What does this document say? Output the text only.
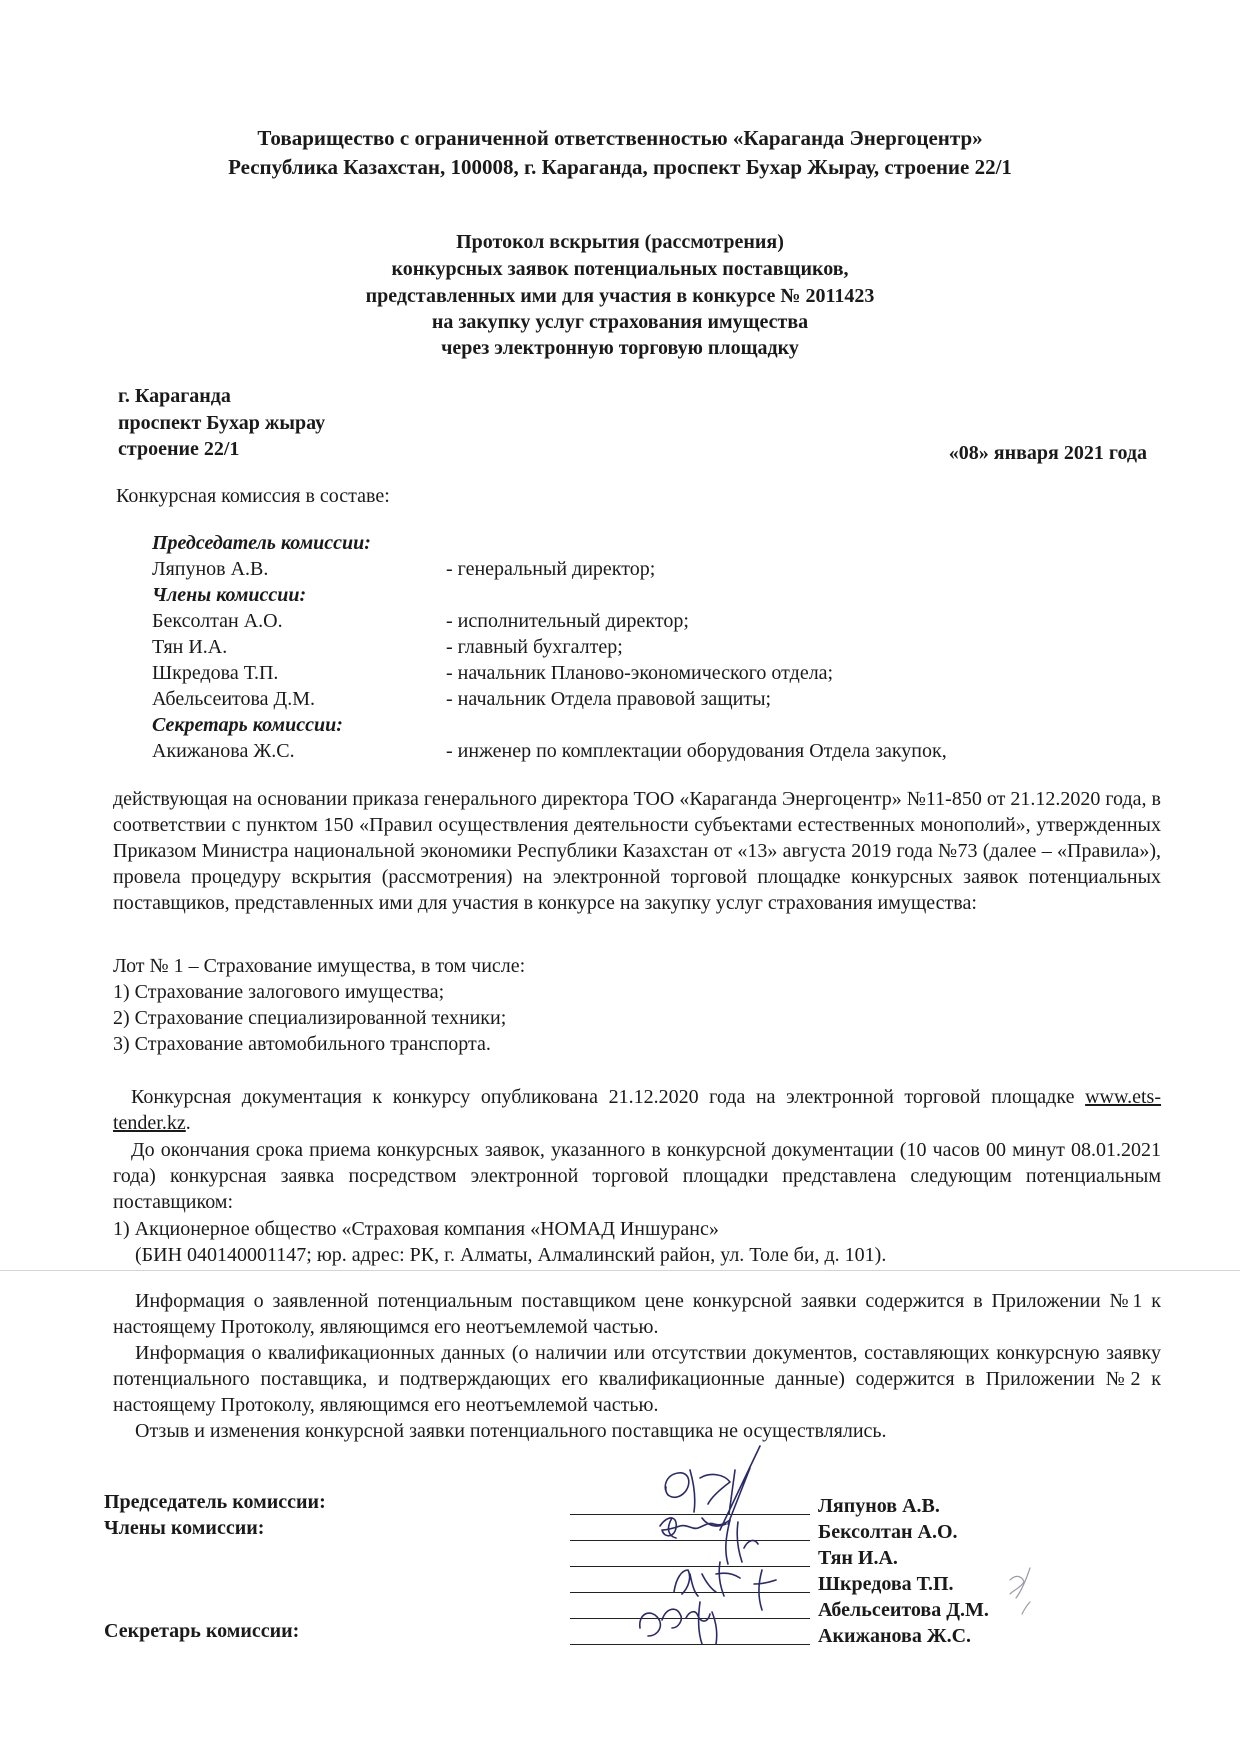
Товарищество с ограниченной ответственностью «Караганда Энергоцентр»
Республика Казахстан, 100008, г. Караганда, проспект Бухар Жырау, строение 22/1
Протокол вскрытия (рассмотрения)
конкурсных заявок потенциальных поставщиков,
представленных ими для участия в конкурсе № 2011423
на закупку услуг страхования имущества
через электронную торговую площадку
г. Караганда
проспект Бухар жырау
строение 22/1	«08» января 2021 года
Конкурсная комиссия в составе:
Председатель комиссии:
Ляпунов А.В.	- генеральный директор;
Члены комиссии:
Бексолтан А.О.	- исполнительный директор;
Тян И.А.	- главный бухгалтер;
Шкредова Т.П.	- начальник Планово-экономического отдела;
Абельсеитова Д.М.	- начальник Отдела правовой защиты;
Секретарь комиссии:
Акижанова Ж.С.	- инженер по комплектации оборудования Отдела закупок,
действующая на основании приказа генерального директора ТОО «Караганда Энергоцентр» №11-850 от 21.12.2020 года, в соответствии с пунктом 150 «Правил осуществления деятельности субъектами естественных монополий», утвержденных Приказом Министра национальной экономики Республики Казахстан от «13» августа 2019 года №73 (далее – «Правила»), провела процедуру вскрытия (рассмотрения) на электронной торговой площадке конкурсных заявок потенциальных поставщиков, представленных ими для участия в конкурсе на закупку услуг страхования имущества:
Лот № 1 – Страхование имущества, в том числе:
1) Страхование залогового имущества;
2) Страхование специализированной техники;
3) Страхование автомобильного транспорта.
Конкурсная документация к конкурсу опубликована 21.12.2020 года на электронной торговой площадке www.ets-tender.kz.
До окончания срока приема конкурсных заявок, указанного в конкурсной документации (10 часов 00 минут 08.01.2021 года) конкурсная заявка посредством электронной торговой площадки представлена следующим потенциальным поставщиком:
1) Акционерное общество «Страховая компания «НОМАД Иншуранс»
(БИН 040140001147; юр. адрес: РК, г. Алматы, Алмалинский район, ул. Толе би, д. 101).
Информация о заявленной потенциальным поставщиком цене конкурсной заявки содержится в Приложении №1 к настоящему Протоколу, являющимся его неотъемлемой частью.
Информация о квалификационных данных (о наличии или отсутствии документов, составляющих конкурсную заявку потенциального поставщика, и подтверждающих его квалификационные данные) содержится в Приложении №2 к настоящему Протоколу, являющимся его неотъемлемой частью.
Отзыв и изменения конкурсной заявки потенциального поставщика не осуществлялись.
Председатель комиссии:
Члены комиссии:
Секретарь комиссии:
Ляпунов А.В.
Бексолтан А.О.
Тян И.А.
Шкредова Т.П.
Абельсеитова Д.М.
Акижанова Ж.С.
